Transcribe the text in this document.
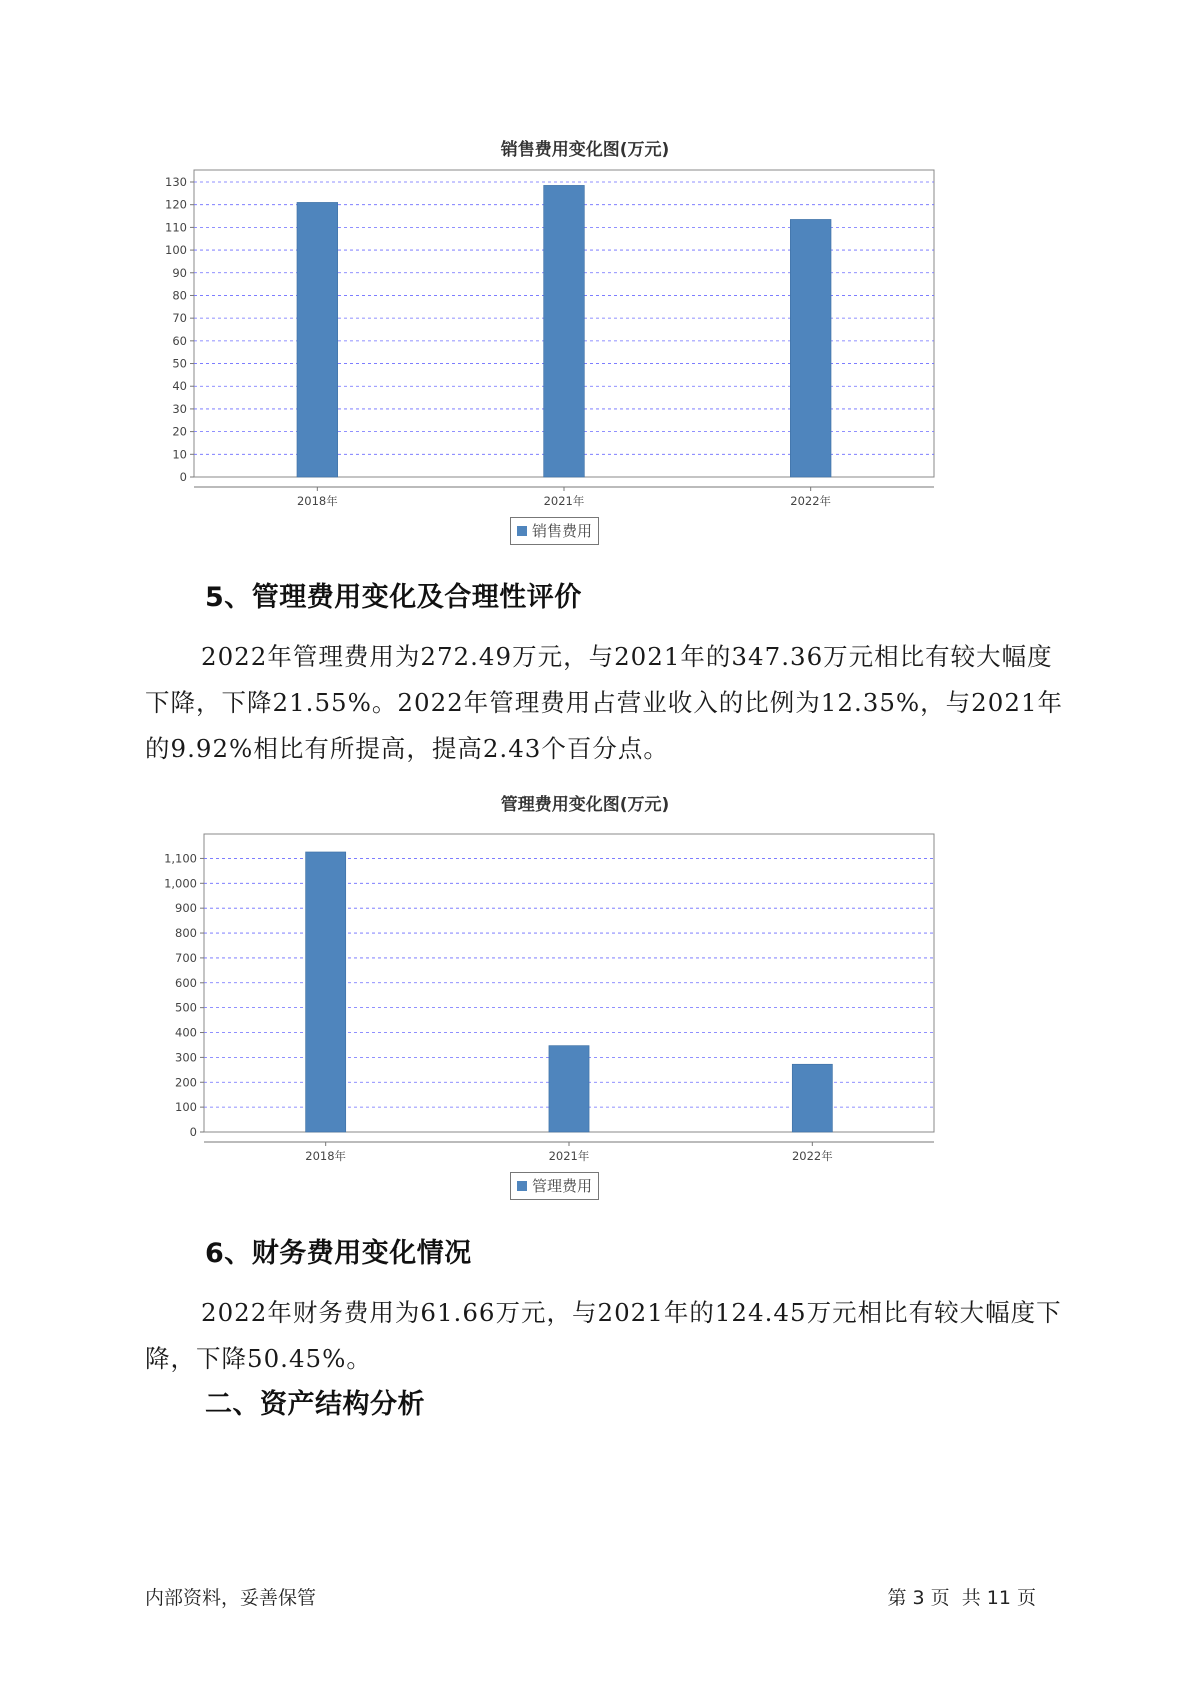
销售费用变化图(万元)
0
10
20
30
40
50
60
70
80
90
100
110
120
130
2018年	2021年	2022年
销售费用
5、管理费用变化及合理性评价
2022年管理费用为272.49万元，与2021年的347.36万元相比有较大幅度下降，下降21.55%。2022年管理费用占营业收入的比例为12.35%，与2021年的9.92%相比有所提高，提高2.43个百分点。
管理费用变化图(万元)
0
100
200
300
400
500
600
700
800
900
1,000
1,100
2018年	2021年	2022年
管理费用
6、财务费用变化情况
2022年财务费用为61.66万元，与2021年的124.45万元相比有较大幅度下降，下降50.45%。
二、资产结构分析
内部资料，妥善保管	第 3 页  共 11 页
